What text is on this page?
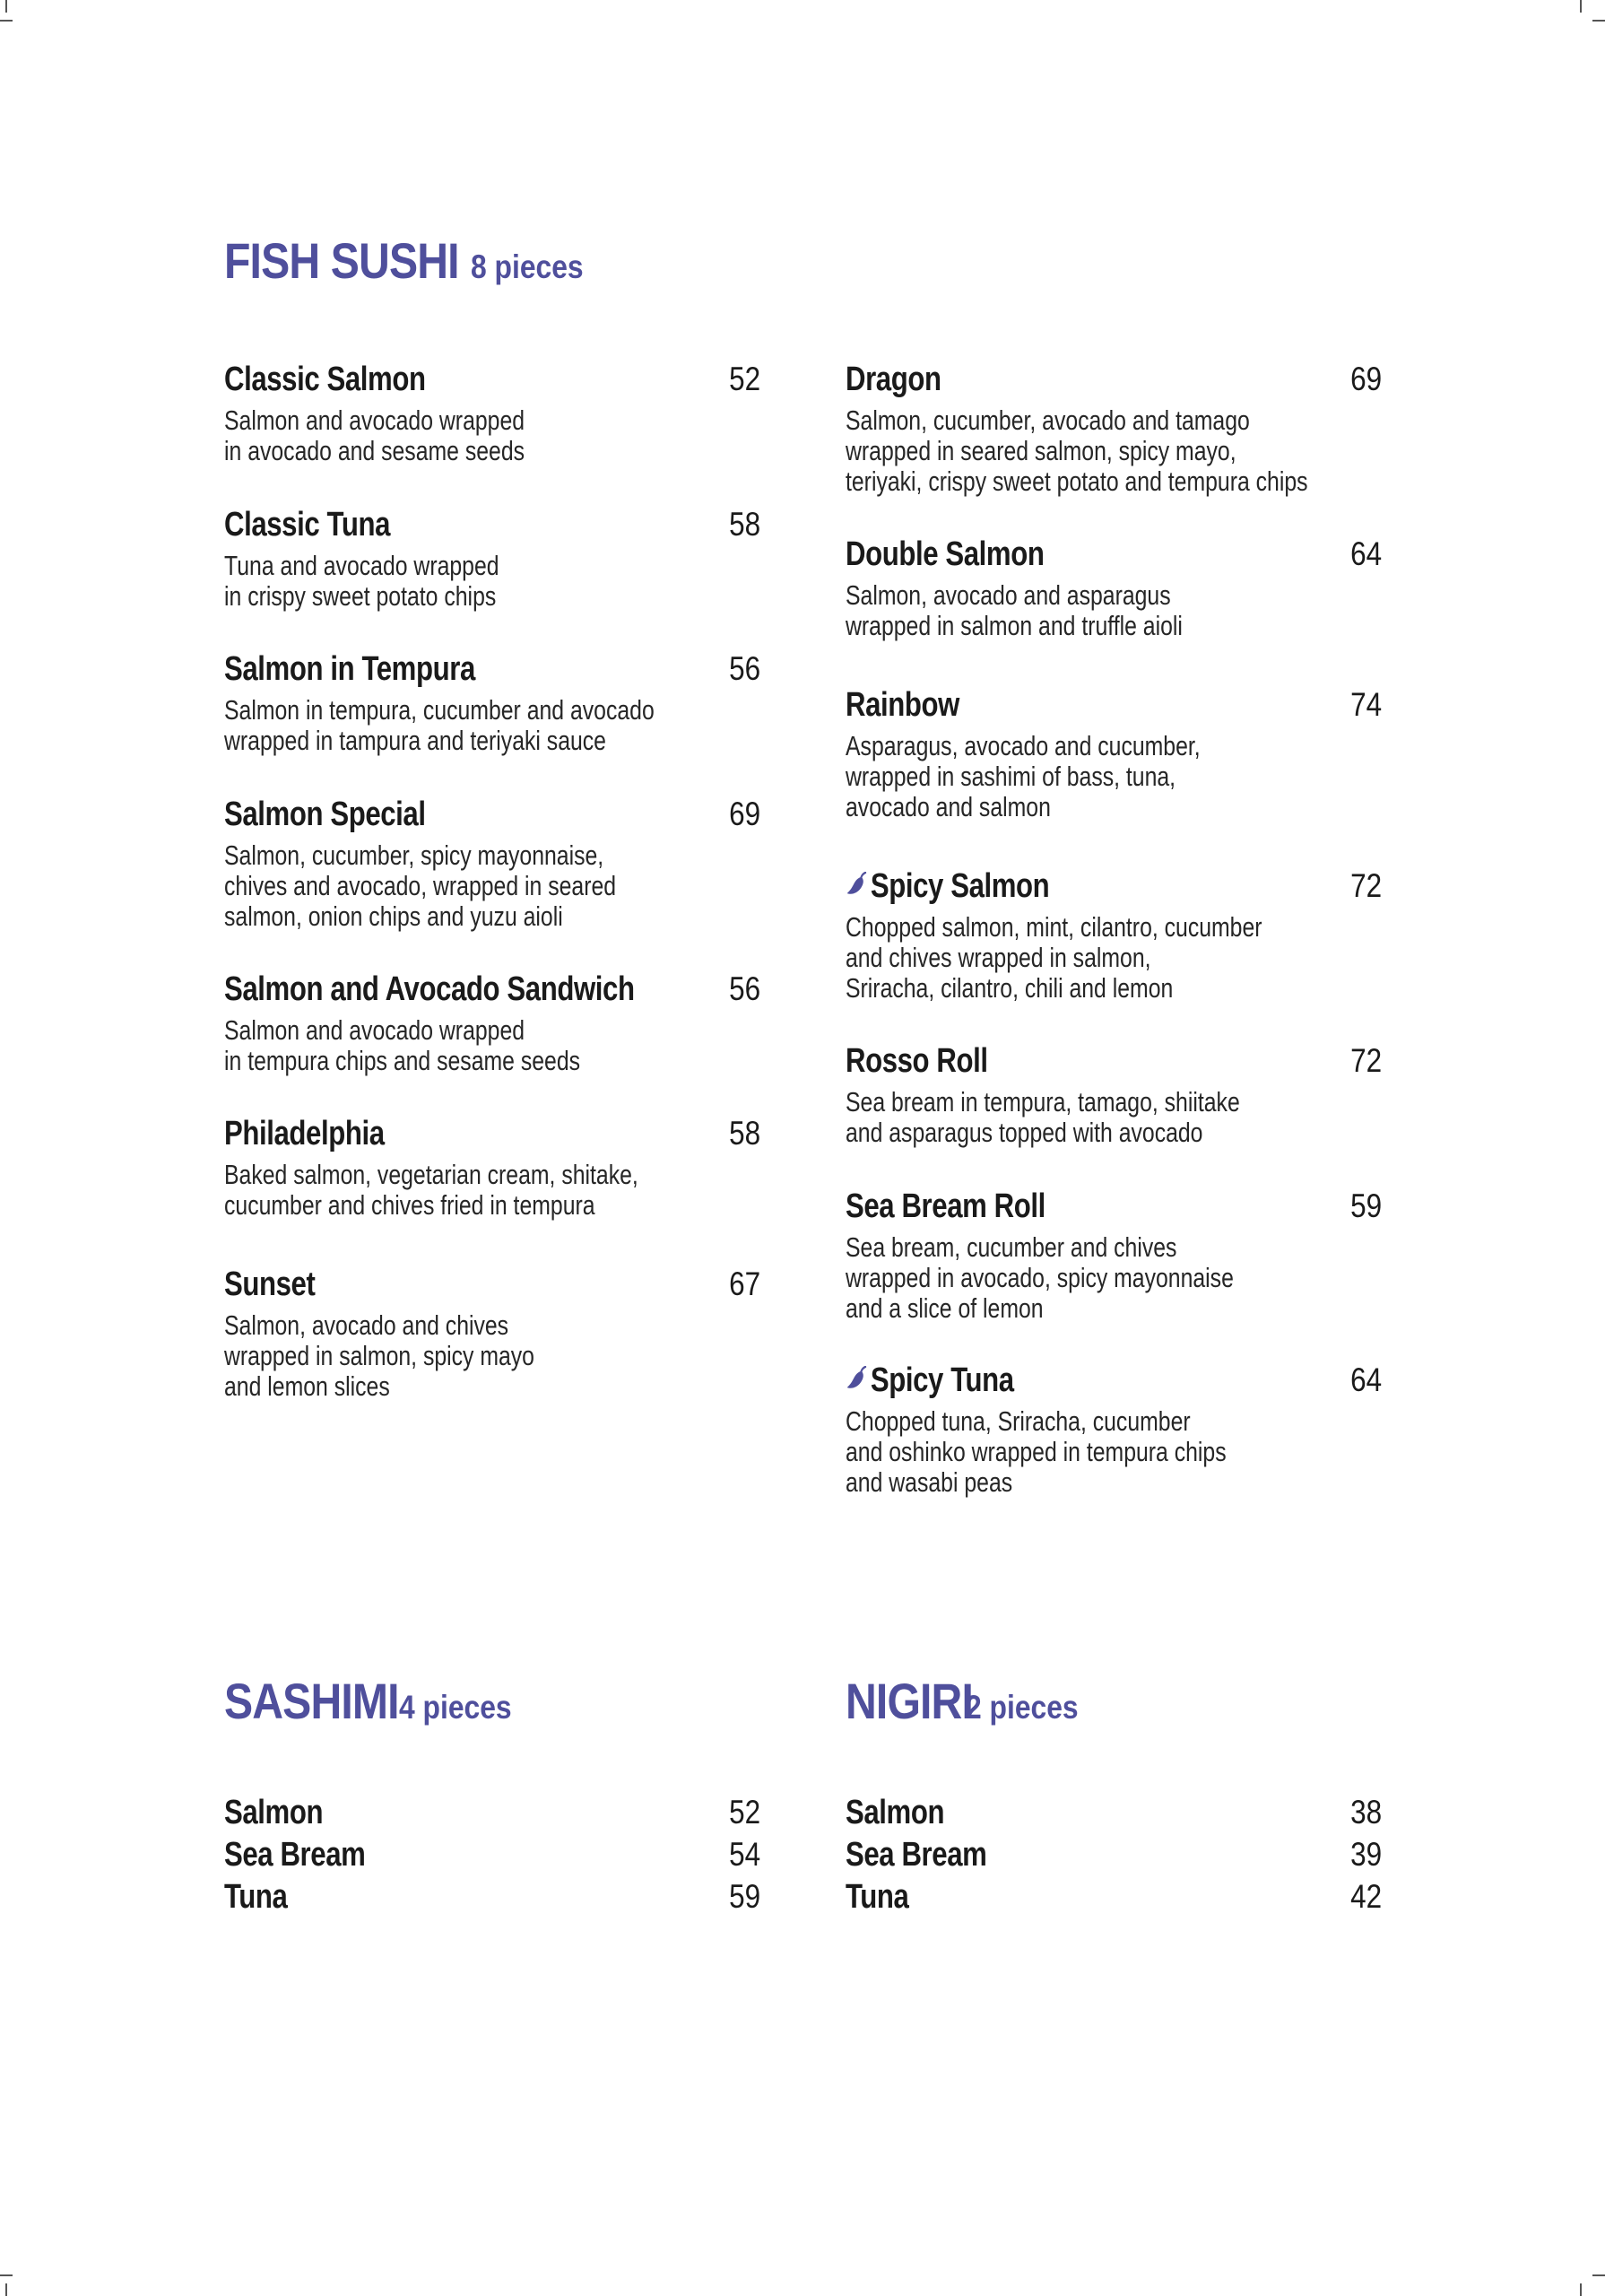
FISH SUSHI 8 pieces
Classic Salmon	52

Salmon and avocado wrapped
in avocado and sesame seeds

Classic Tuna	58

Tuna and avocado wrapped
in crispy sweet potato chips

Salmon in Tempura	56

Salmon in tempura, cucumber and avocado
wrapped in tampura and teriyaki sauce

Salmon Special	69

Salmon, cucumber, spicy mayonnaise,
chives and avocado, wrapped in seared
salmon, onion chips and yuzu aioli

Salmon and Avocado Sandwich	56

Salmon and avocado wrapped
in tempura chips and sesame seeds

Philadelphia	58

Baked salmon, vegetarian cream, shitake,
cucumber and chives fried in tempura

Sunset	67

Salmon, avocado and chives
wrapped in salmon, spicy mayo
and lemon slices

Dragon	69

Salmon, cucumber, avocado and tamago
wrapped in seared salmon, spicy mayo,
teriyaki, crispy sweet potato and tempura chips

Double Salmon	64

Salmon, avocado and asparagus
wrapped in salmon and truffle aioli

Rainbow	74

Asparagus, avocado and cucumber,
wrapped in sashimi of bass, tuna,
avocado and salmon

Spicy Salmon	72

Chopped salmon, mint, cilantro, cucumber
and chives wrapped in salmon,
Sriracha, cilantro, chili and lemon

Rosso Roll	72

Sea bream in tempura, tamago, shiitake
and asparagus topped with avocado

Sea Bream Roll	59

Sea bream, cucumber and chives
wrapped in avocado, spicy mayonnaise
and a slice of lemon

Spicy Tuna	64

Chopped tuna, Sriracha, cucumber
and oshinko wrapped in tempura chips
and wasabi peas

SASHIMI 4 pieces
Salmon	52
Sea Bream	54
Tuna	59
NIGIRI 2 pieces
Salmon	38
Sea Bream	39
Tuna	42
